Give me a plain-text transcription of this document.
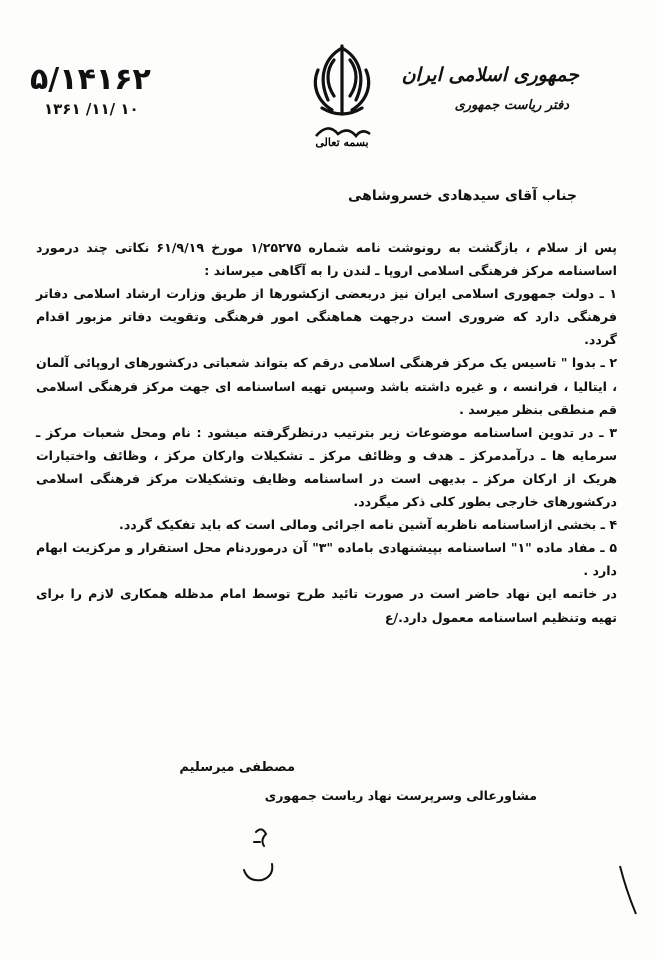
۵/۱۴۱۶۲
۱۳۶۱ /۱۱/ ۱۰
بسمه تعالی
جمهوری اسلامی ایران
دفتر ریاست جمهوری
جناب آقای سیدهادی خسروشاهی

پس از سلام ، بازگشت به رونوشت نامه شماره ۱/۲۵۲۷۵ مورخ ۶۱/۹/۱۹ نکاتی چند درمورد اساسنامه مرکز فرهنگی اسلامی اروپا ـ لندن را به آگاهی میرساند :

۱ ـ دولت جمهوری اسلامی ایران نیز دربعضی ازکشورها از طریق وزارت ارشاد اسلامی دفاتر فرهنگی دارد که ضروری است درجهت هماهنگی امور فرهنگی وتقویت دفاتر مزبور اقدام گردد.

۲ ـ بدوا " تاسیس یک مرکز فرهنگی اسلامی درقم که بتواند شعباتی درکشورهای اروپائی آلمان ، ایتالیا ، فرانسه ، و غیره داشته باشد وسپس تهیه اساسنامه ای جهت مرکز فرهنگی اسلامی قم منطقی بنظر میرسد .

۳ ـ در تدوین اساسنامه موضوعات زیر بترتیب درنظرگرفته میشود : نام ومحل شعبات مرکز ـ سرمایه ها ـ درآمدمرکز ـ هدف و وظائف مرکز ـ تشکیلات وارکان مرکز ، وظائف واختیارات هریک از ارکان مرکز ـ بدیهی است در اساسنامه وظایف وتشکیلات مرکز فرهنگی اسلامی درکشورهای خارجی بطور کلی ذکر میگردد.

۴ ـ بخشی ازاساسنامه ناظربه آشین نامه اجرائی ومالی است که باید تفکیک گردد.

۵ ـ مفاد ماده "۱" اساسنامه بپیشنهادی باماده "۳" آن درموردنام محل استقرار و مرکزیت ابهام دارد .

در خاتمه این نهاد حاضر است در صورت تائید طرح توسط امام مدظله همکاری لازم را برای تهیه وتنظیم اساسنامه معمول دارد./ع

مصطفی میرسلیم
مشاورعالی وسرپرست نهاد ریاست جمهوری
